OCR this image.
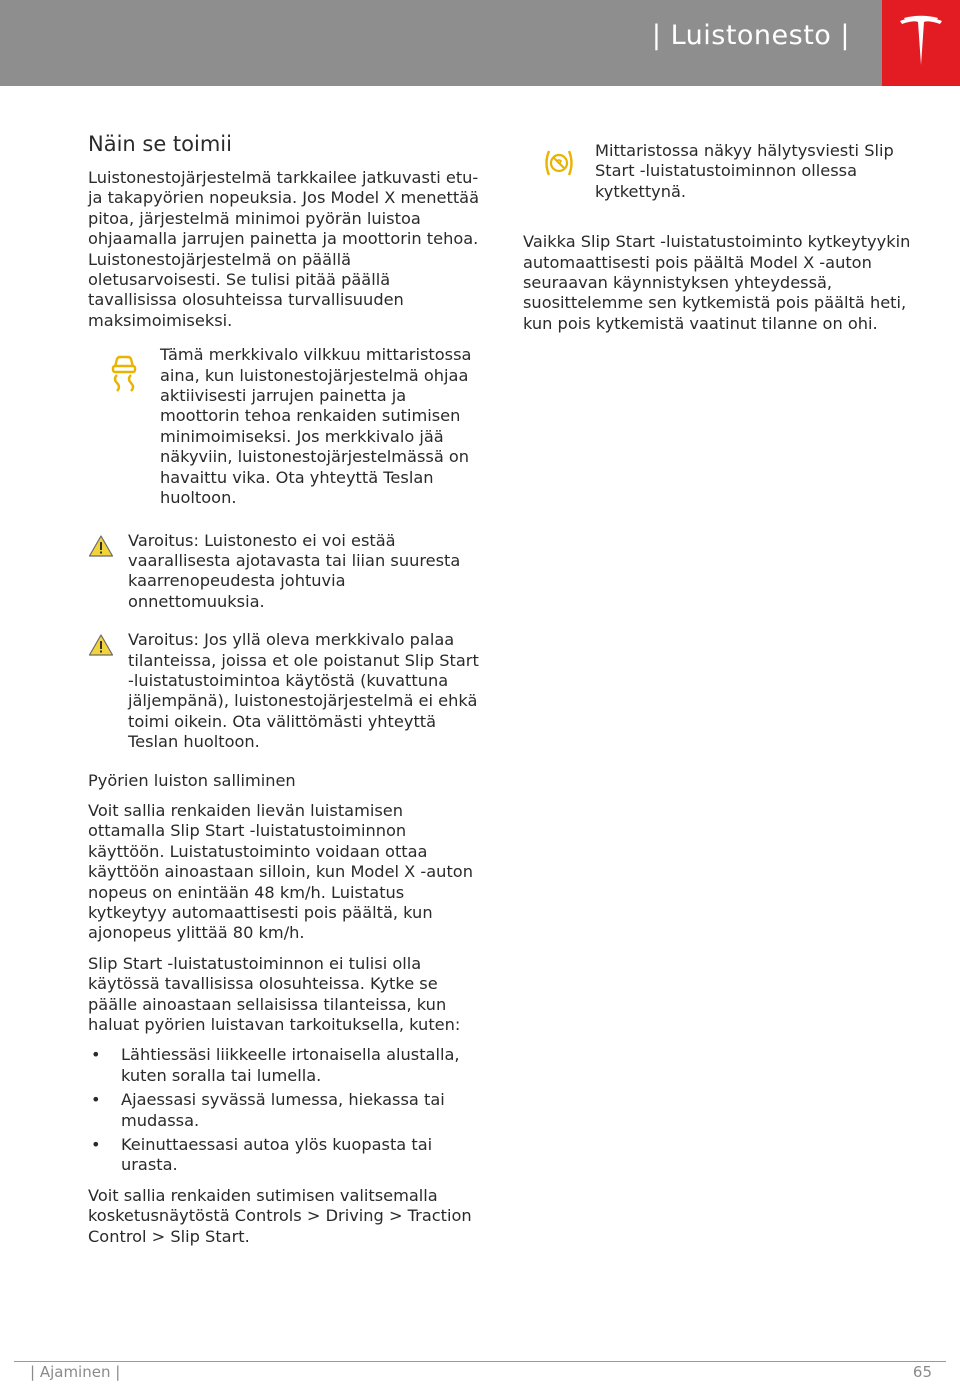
| Luistonesto |
Näin se toimii

Luistonestojärjestelmä tarkkailee jatkuvasti etu- ja takapyörien nopeuksia. Jos Model X menettää pitoa, järjestelmä minimoi pyörän luistoa ohjaamalla jarrujen painetta ja moottorin tehoa. Luistonestojärjestelmä on päällä oletusarvoisesti. Se tulisi pitää päällä tavallisissa olosuhteissa turvallisuuden maksimoimiseksi.

Tämä merkkivalo vilkkuu mittaristossa aina, kun luistonestojärjestelmä ohjaa aktiivisesti jarrujen painetta ja moottorin tehoa renkaiden sutimisen minimoimiseksi. Jos merkkivalo jää näkyviin, luistonestojärjestelmässä on havaittu vika. Ota yhteyttä Teslan huoltoon.
Varoitus: Luistonesto ei voi estää vaarallisesta ajotavasta tai liian suuresta kaarrenopeudesta johtuvia onnettomuuksia.
Varoitus: Jos yllä oleva merkkivalo palaa tilanteissa, joissa et ole poistanut Slip Start -luistatustoimintoa käytöstä (kuvattuna jäljempänä), luistonestojärjestelmä ei ehkä toimi oikein. Ota välittömästi yhteyttä Teslan huoltoon.

Pyörien luiston salliminen

Voit sallia renkaiden lievän luistamisen ottamalla Slip Start -luistatustoiminnon käyttöön. Luistatustoiminto voidaan ottaa käyttöön ainoastaan silloin, kun Model X -auton nopeus on enintään 48 km/h. Luistatus kytkeytyy automaattisesti pois päältä, kun ajonopeus ylittää 80 km/h.

Slip Start -luistatustoiminnon ei tulisi olla käytössä tavallisissa olosuhteissa. Kytke se päälle ainoastaan sellaisissa tilanteissa, kun haluat pyörien luistavan tarkoituksella, kuten:

• Lähtiessäsi liikkeelle irtonaisella alustalla, kuten soralla tai lumella.
• Ajaessasi syvässä lumessa, hiekassa tai mudassa.
• Keinuttaessasi autoa ylös kuopasta tai urasta.

Voit sallia renkaiden sutimisen valitsemalla kosketusnäytöstä Controls > Driving > Traction Control > Slip Start.

Mittaristossa näkyy hälytysviesti Slip Start -luistatustoiminnon ollessa kytkettynä.

Vaikka Slip Start -luistatustoiminto kytkeytyykin automaattisesti pois päältä Model X -auton seuraavan käynnistyksen yhteydessä, suosittelemme sen kytkemistä pois päältä heti, kun pois kytkemistä vaatinut tilanne on ohi.

| Ajaminen |	65
